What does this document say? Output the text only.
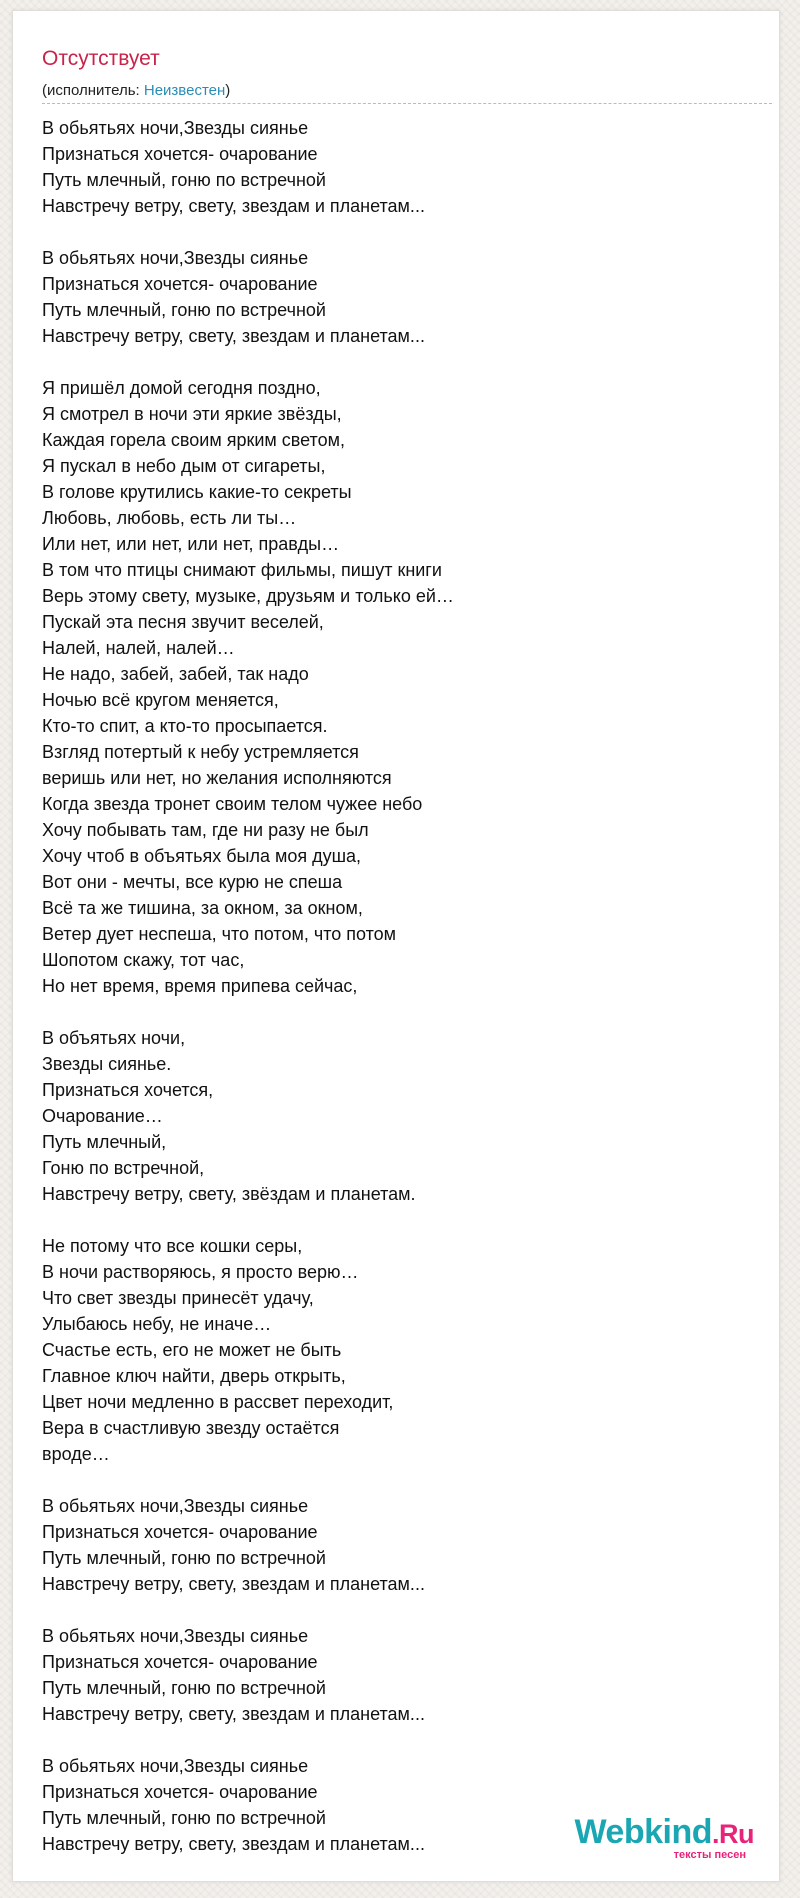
Отсутствует
(исполнитель: Неизвестен)
В обьятьях ночи,Звезды сиянье
Признаться хочется- очарование
Путь млечный, гоню по встречной
Навстречу ветру, свету, звездам и планетам...
В обьятьях ночи,Звезды сиянье
Признаться хочется- очарование
Путь млечный, гоню по встречной
Навстречу ветру, свету, звездам и планетам...
Я пришёл домой сегодня поздно,
Я смотрел в ночи эти яркие звёзды,
Каждая горела своим ярким светом,
Я пускал в небо дым от сигареты,
В голове крутились какие-то секреты
Любовь, любовь, есть ли ты…
Или нет, или нет, или нет, правды…
В том что птицы снимают фильмы, пишут книги
Верь этому свету, музыке, друзьям и только ей…
Пускай эта песня звучит веселей,
Налей, налей, налей…
Не надо, забей, забей, так надо
Ночью всё кругом меняется,
Кто-то спит, а кто-то просыпается.
Взгляд потертый к небу устремляется
веришь или нет, но желания исполняются
Когда звезда тронет своим телом чужее небо
Хочу побывать там, где ни разу не был
Хочу чтоб в объятьях была моя душа,
Вот они - мечты, все курю не спеша
Всё та же тишина, за окном, за окном,
Ветер дует неспеша, что потом, что потом
Шопотом скажу, тот час,
Но нет время, время припева сейчас,
В объятьях ночи,
Звезды сиянье.
Признаться хочется,
Очарование…
Путь млечный,
Гоню по встречной,
Навстречу ветру, свету, звёздам и планетам.
Не потому что все кошки серы,
В ночи растворяюсь, я просто верю…
Что свет звезды принесёт удачу,
Улыбаюсь небу, не иначе…
Счастье есть, его не может не быть
Главное ключ найти, дверь открыть,
Цвет ночи медленно в рассвет переходит,
Вера в счастливую звезду остаётся
вроде…
В обьятьях ночи,Звезды сиянье
Признаться хочется- очарование
Путь млечный, гоню по встречной
Навстречу ветру, свету, звездам и планетам...
В обьятьях ночи,Звезды сиянье
Признаться хочется- очарование
Путь млечный, гоню по встречной
Навстречу ветру, свету, звездам и планетам...
В обьятьях ночи,Звезды сиянье
Признаться хочется- очарование
Путь млечный, гоню по встречной
Навстречу ветру, свету, звездам и планетам...	Webkind.Ru
тексты песен
